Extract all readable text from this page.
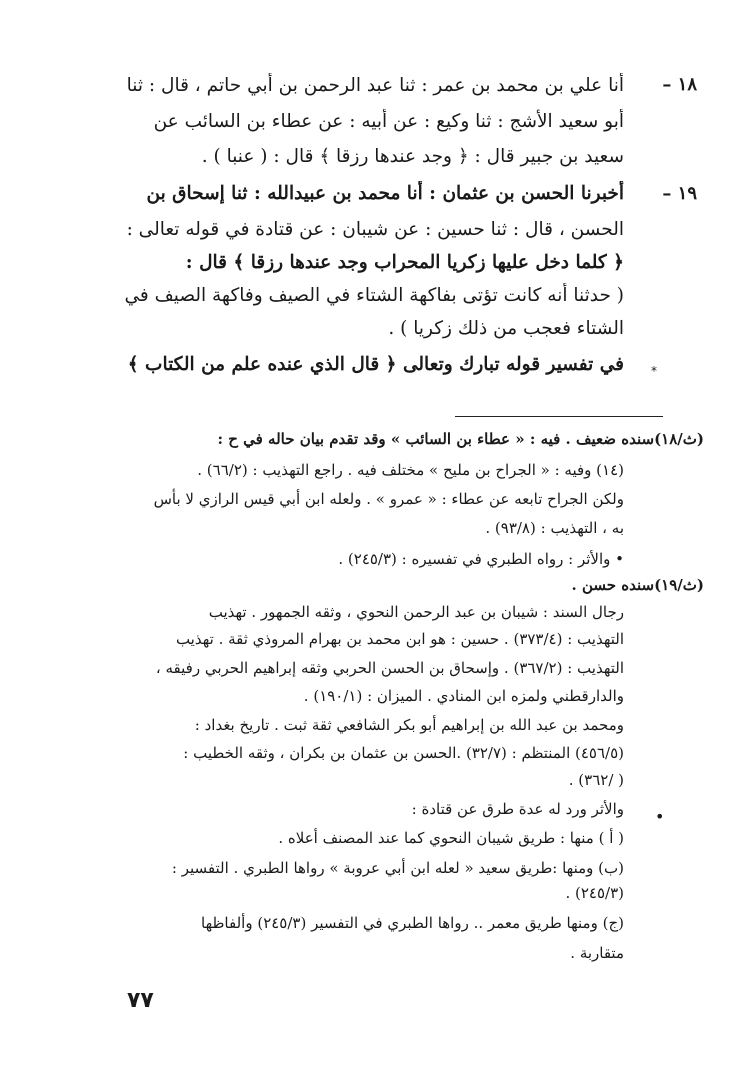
١٨ –
أنا علي بن محمد بن عمر : ثنا عبد الرحمن بن أبي حاتم ، قال : ثنا
أبو سعيد الأشج : ثنا وكيع : عن أبيه : عن عطاء بن السائب عن
سعيد بن جبير قال : ﴿ وجد عندها رزقا ﴾ قال : ( عنبا ) .
١٩ –
أخبرنا الحسن بن عثمان : أنا محمد بن عبيدالله : ثنا إسحاق بن
الحسن ، قال : ثنا حسين : عن شيبان : عن قتادة في قوله تعالى :
﴿ كلما دخل عليها زكريا المحراب وجد عندها رزقا ﴾ قال :
( حدثنا أنه كانت تؤتى بفاكهة الشتاء في الصيف وفاكهة الصيف في
الشتاء فعجب من ذلك زكريا ) .
*
في تفسير قوله تبارك وتعالى ﴿ قال الذي عنده علم من الكتاب ﴾
(ث/١٨)سنده ضعيف . فيه : « عطاء بن السائب » وقد تقدم بيان حاله في ح :
(١٤) وفيه : « الجراح بن مليح » مختلف فيه . راجع التهذيب : (٦٦/٢) .
ولكن الجراح تابعه عن عطاء : « عمرو » . ولعله ابن أبي قيس الرازي لا بأس
به ، التهذيب : (٩٣/٨) .
• والأثر : رواه الطبري في تفسيره : (٢٤٥/٣) .
(ث/١٩)سنده حسن .
رجال السند : شيبان بن عبد الرحمن النحوي ، وثقه الجمهور . تهذيب
التهذيب : (٣٧٣/٤) . حسين : هو ابن محمد بن بهرام المروذي ثقة . تهذيب
التهذيب : (٣٦٧/٢) . وإسحاق بن الحسن الحربي وثقه إبراهيم الحربي رفيقه ،
والدارقطني ولمزه ابن المنادي . الميزان : (١٩٠/١) .
ومحمد بن عبد الله بن إبراهيم أبو بكر الشافعي ثقة ثبت . تاريخ بغداد :
(٤٥٦/٥) المنتظم : (٣٢/٧) .الحسن بن عثمان بن بكران ، وثقه الخطيب :
( /٣٦٢) .
•
والأثر ورد له عدة طرق عن قتادة :
( أ ) منها : طريق شيبان النحوي كما عند المصنف أعلاه .
(ب) ومنها :طريق سعيد « لعله ابن أبي عروبة » رواها الطبري . التفسير :
(٢٤٥/٣) .
(ج) ومنها طريق معمر .. رواها الطبري في التفسير (٢٤٥/٣) وألفاظها
متقاربة .
٧٧
